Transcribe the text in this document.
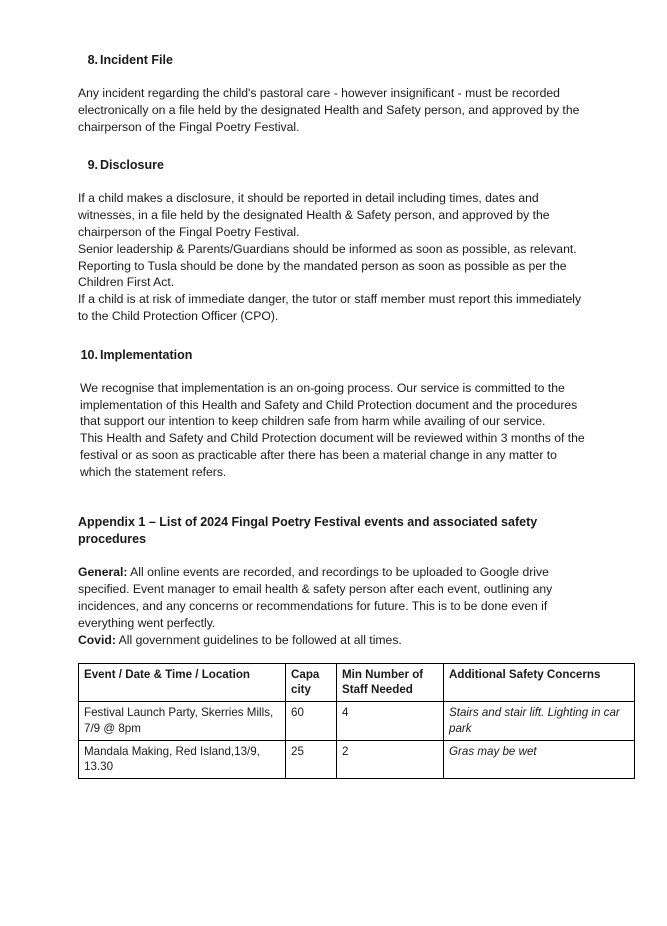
8. Incident File

Any incident regarding the child's pastoral care - however insignificant - must be recorded electronically on a file held by the designated Health and Safety person, and approved by the chairperson of the Fingal Poetry Festival.

9. Disclosure

If a child makes a disclosure, it should be reported in detail including times, dates and witnesses, in a file held by the designated Health & Safety person, and approved by the chairperson of the Fingal Poetry Festival.

Senior leadership & Parents/Guardians should be informed as soon as possible, as relevant. Reporting to Tusla should be done by the mandated person as soon as possible as per the Children First Act.

If a child is at risk of immediate danger, the tutor or staff member must report this immediately to the Child Protection Officer (CPO).

10. Implementation

We recognise that implementation is an on-going process. Our service is committed to the implementation of this Health and Safety and Child Protection document and the procedures that support our intention to keep children safe from harm while availing of our service.

This Health and Safety and Child Protection document will be reviewed within 3 months of the festival or as soon as practicable after there has been a material change in any matter to which the statement refers.

Appendix 1 – List of 2024 Fingal Poetry Festival events and associated safety procedures

General: All online events are recorded, and recordings to be uploaded to Google drive specified. Event manager to email health & safety person after each event, outlining any incidences, and any concerns or recommendations for future. This is to be done even if everything went perfectly.

Covid: All government guidelines to be followed at all times.

Event / Date & Time / Location	Capa city	Min Number of Staff Needed	Additional Safety Concerns
Festival Launch Party, Skerries Mills, 7/9 @ 8pm	60	4	Stairs and stair lift. Lighting in car park
Mandala Making, Red Island,13/9, 13.30	25	2	Gras may be wet
